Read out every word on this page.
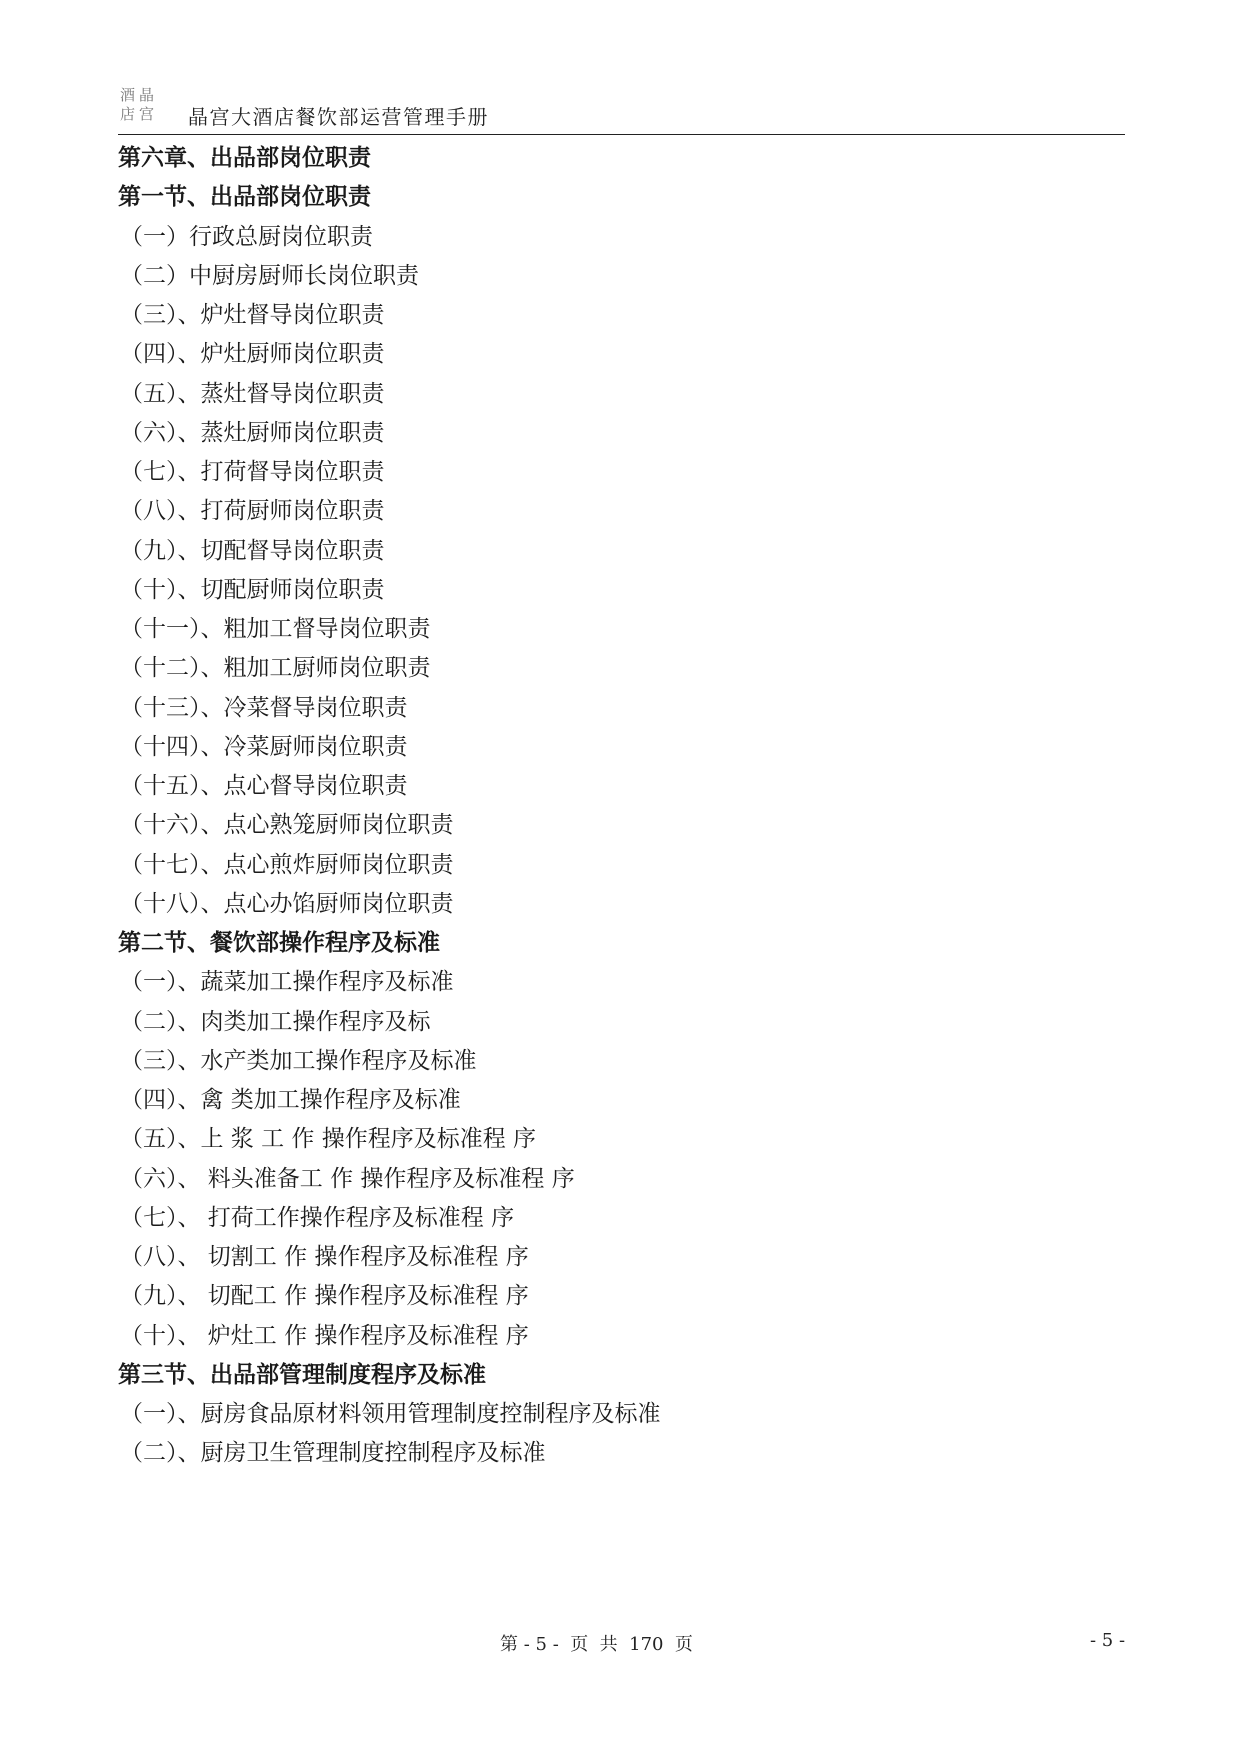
酒 晶
店 宫 晶宫大酒店餐饮部运营管理手册
第六章、出品部岗位职责
第一节、出品部岗位职责
（一）行政总厨岗位职责
（二）中厨房厨师长岗位职责
（三）、炉灶督导岗位职责
（四）、炉灶厨师岗位职责
（五）、蒸灶督导岗位职责
（六）、蒸灶厨师岗位职责
（七）、打荷督导岗位职责
（八）、打荷厨师岗位职责
（九）、切配督导岗位职责
（十）、切配厨师岗位职责
（十一）、粗加工督导岗位职责
（十二）、粗加工厨师岗位职责
（十三）、冷菜督导岗位职责
（十四）、冷菜厨师岗位职责
（十五）、点心督导岗位职责
（十六）、点心熟笼厨师岗位职责
（十七）、点心煎炸厨师岗位职责
（十八）、点心办馅厨师岗位职责
第二节、餐饮部操作程序及标准
（一）、蔬菜加工操作程序及标准
（二）、肉类加工操作程序及标
（三）、水产类加工操作程序及标准
（四）、禽 类加工操作程序及标准
（五）、上 浆 工 作 操作程序及标准程 序
（六）、 料头准备工 作 操作程序及标准程 序
（七）、 打荷工作操作程序及标准程 序
（八）、 切割工 作 操作程序及标准程 序
（九）、 切配工 作 操作程序及标准程 序
（十）、 炉灶工 作 操作程序及标准程 序
第三节、出品部管理制度程序及标准
（一）、厨房食品原材料领用管理制度控制程序及标准
（二）、厨房卫生管理制度控制程序及标准
第 - 5 -  页  共  170  页	- 5 -
